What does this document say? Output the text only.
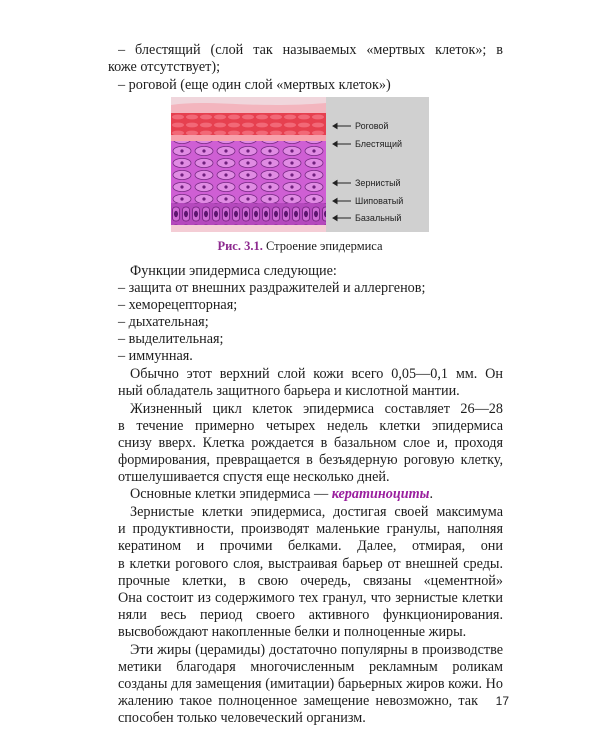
– блестящий (слой так называемых «мертвых клеток»; в

коже отсутствует);

– роговой (еще один слой «мертвых клеток»)

Роговой
Блестящий
Зернистый
Шиповатый
Базальный
Рис. 3.1. Строение эпидермиса

Функции эпидермиса следующие:

– защита от внешних раздражителей и аллергенов;

– хеморецепторная;

– дыхательная;

– выделительная;

– иммунная.

Обычно этот верхний слой кожи всего 0,05—0,1 мм. Он

ный обладатель защитного барьера и кислотной мантии.

Жизненный цикл клеток эпидермиса составляет 26—28

в течение примерно четырех недель клетки эпидермиса

снизу вверх. Клетка рождается в базальном слое и, проходя

формирования, превращается в безъядерную роговую клетку,

отшелушивается спустя еще несколько дней.

Основные клетки эпидермиса — кератиноциты.

Зернистые клетки эпидермиса, достигая своей максимума

и продуктивности, производят маленькие гранулы, наполняя

кератином и прочими белками. Далее, отмирая, они

в клетки рогового слоя, выстраивая барьер от внешней среды.

прочные клетки, в свою очередь, связаны «цементной»

Она состоит из содержимого тех гранул, что зернистые клетки

няли весь период своего активного функционирования.

высвобождают накопленные белки и полноценные жиры.

Эти жиры (церамиды) достаточно популярны в производстве

метики благодаря многочисленным рекламным роликам

созданы для замещения (имитации) барьерных жиров кожи. Но

жалению такое полноценное замещение невозможно, так

способен только человеческий организм.

17
